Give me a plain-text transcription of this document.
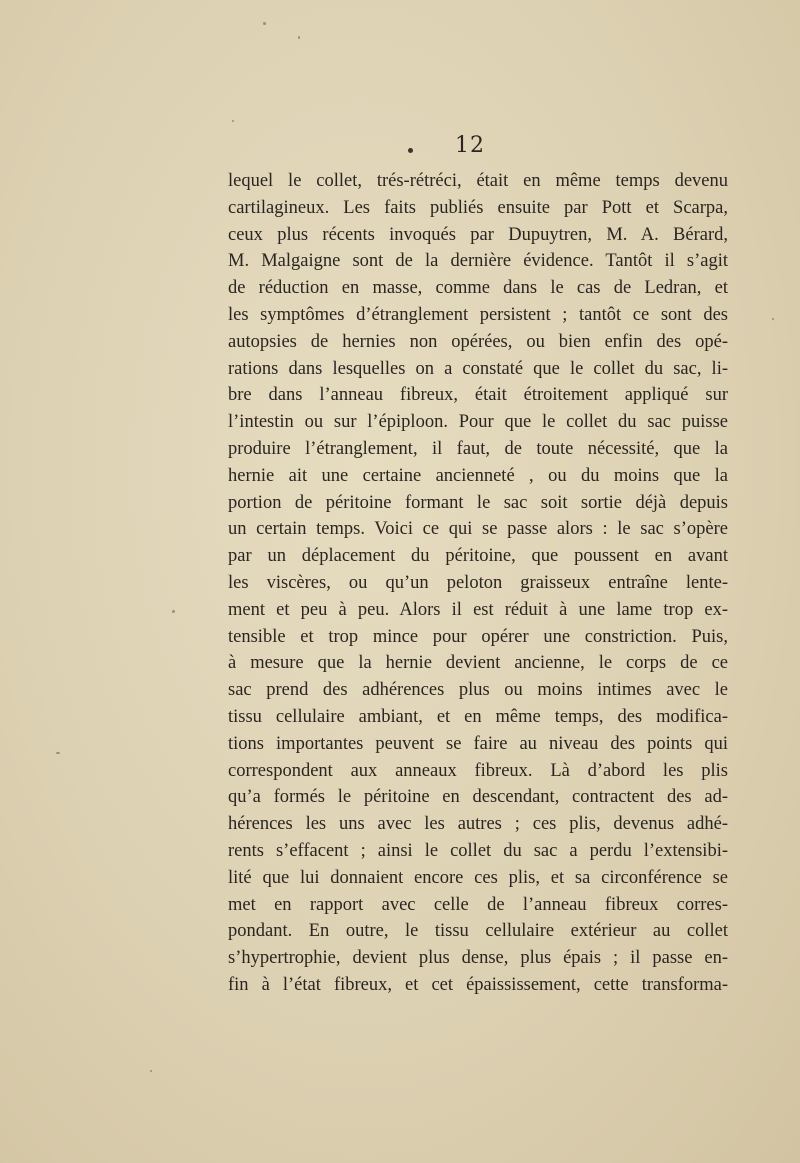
12
lequel le collet, trés-rétréci, était en même temps devenu
cartilagineux. Les faits publiés ensuite par Pott et Scarpa,
ceux plus récents invoqués par Dupuytren, M. A. Bérard,
M. Malgaigne sont de la dernière évidence. Tantôt il s’agit
de réduction en masse, comme dans le cas de Ledran, et
les symptômes d’étranglement persistent ; tantôt ce sont des
autopsies de hernies non opérées, ou bien enfin des opé-
rations dans lesquelles on a constaté que le collet du sac, li-
bre dans l’anneau fibreux, était étroitement appliqué sur
l’intestin ou sur l’épiploon. Pour que le collet du sac puisse
produire l’étranglement, il faut, de toute nécessité, que la
hernie ait une certaine ancienneté , ou du moins que la
portion de péritoine formant le sac soit sortie déjà depuis
un certain temps. Voici ce qui se passe alors : le sac s’opère
par un déplacement du péritoine, que poussent en avant
les viscères, ou qu’un peloton graisseux entraîne lente-
ment et peu à peu. Alors il est réduit à une lame trop ex-
tensible et trop mince pour opérer une constriction. Puis,
à mesure que la hernie devient ancienne, le corps de ce
sac prend des adhérences plus ou moins intimes avec le
tissu cellulaire ambiant, et en même temps, des modifica-
tions importantes peuvent se faire au niveau des points qui
correspondent aux anneaux fibreux. Là d’abord les plis
qu’a formés le péritoine en descendant, contractent des ad-
hérences les uns avec les autres ; ces plis, devenus adhé-
rents s’effacent ; ainsi le collet du sac a perdu l’extensibi-
lité que lui donnaient encore ces plis, et sa circonférence se
met en rapport avec celle de l’anneau fibreux corres-
pondant. En outre, le tissu cellulaire extérieur au collet
s’hypertrophie, devient plus dense, plus épais ; il passe en-
fin à l’état fibreux, et cet épaississement, cette transforma-
